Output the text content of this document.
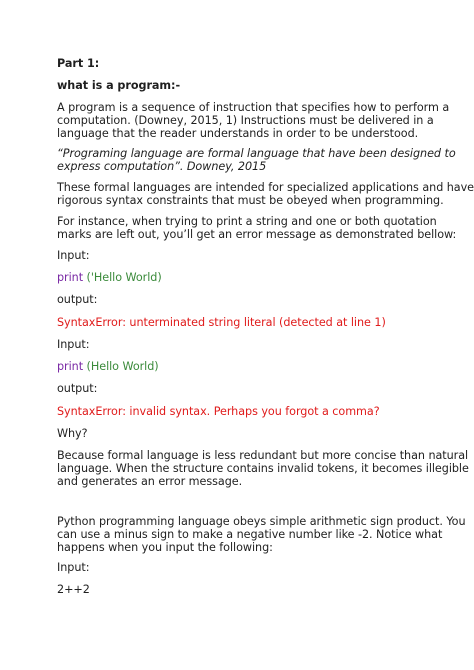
Part 1:
what is a program:-
A program is a sequence of instruction that specifies how to perform a
computation. (Downey, 2015, 1) Instructions must be delivered in a
language that the reader understands in order to be understood.
“Programing language are formal language that have been designed to
express computation”. Downey, 2015
These formal languages are intended for specialized applications and have
rigorous syntax constraints that must be obeyed when programming.
For instance, when trying to print a string and one or both quotation
marks are left out, you’ll get an error message as demonstrated bellow:
Input:
print ('Hello World)
output:
SyntaxError: unterminated string literal (detected at line 1)
Input:
print (Hello World)
output:
SyntaxError: invalid syntax. Perhaps you forgot a comma?
Why?
Because formal language is less redundant but more concise than natural
language. When the structure contains invalid tokens, it becomes illegible
and generates an error message.
Python programming language obeys simple arithmetic sign product. You
can use a minus sign to make a negative number like -2. Notice what
happens when you input the following:
Input:
2++2
